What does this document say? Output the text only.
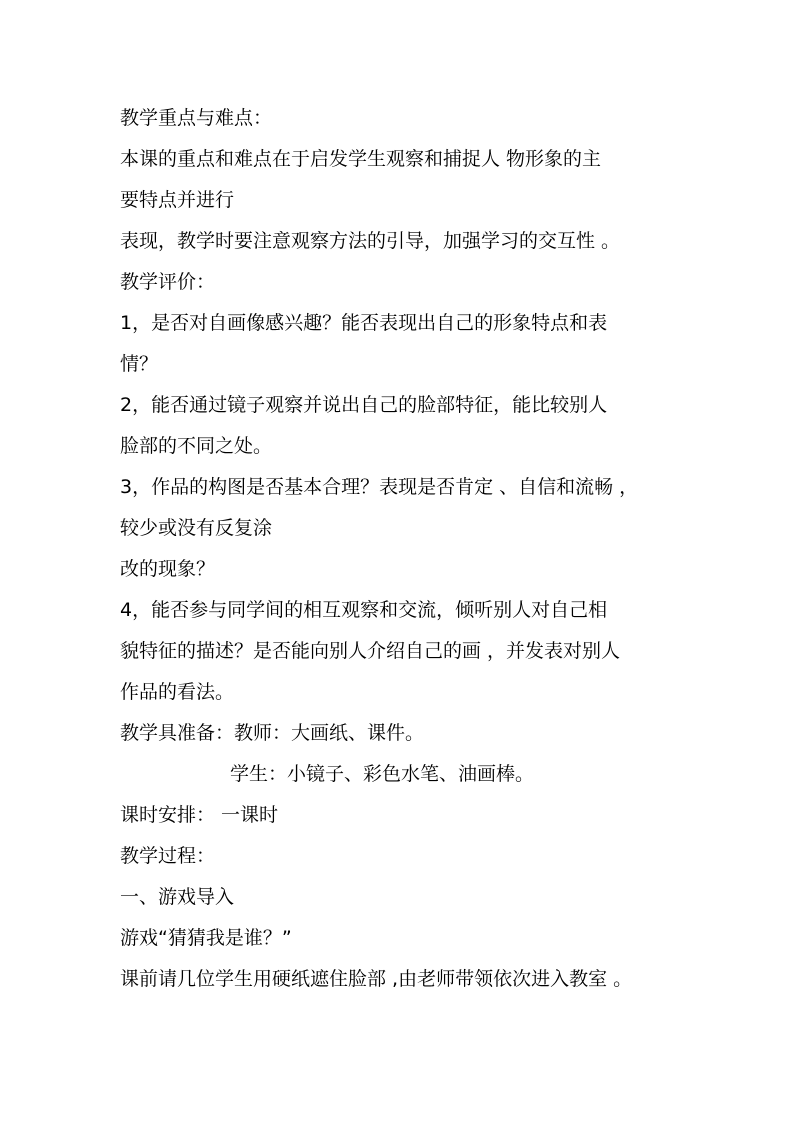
教学重点与难点：
本课的重点和难点在于启发学生观察和捕捉人 物形象的主
要特点并进行
表现，教学时要注意观察方法的引导，加强学习的交互性 。
教学评价：
1，是否对自画像感兴趣？能否表现出自己的形象特点和表
情？
2，能否通过镜子观察并说出自己的脸部特征，能比较别人
脸部的不同之处。
3，作品的构图是否基本合理？表现是否肯定 、自信和流畅 ，
较少或没有反复涂
改的现象？
4，能否参与同学间的相互观察和交流，倾听别人对自己相
貌特征的描述？是否能向别人介绍自己的画 ，并发表对别人
作品的看法。
教学具准备：教师：大画纸、课件。
学生：小镜子、彩色水笔、油画棒。
课时安排： 一课时
教学过程：
一、游戏导入
游戏“猜猜我是谁？”
课前请几位学生用硬纸遮住脸部 ,由老师带领依次进入教室 。
